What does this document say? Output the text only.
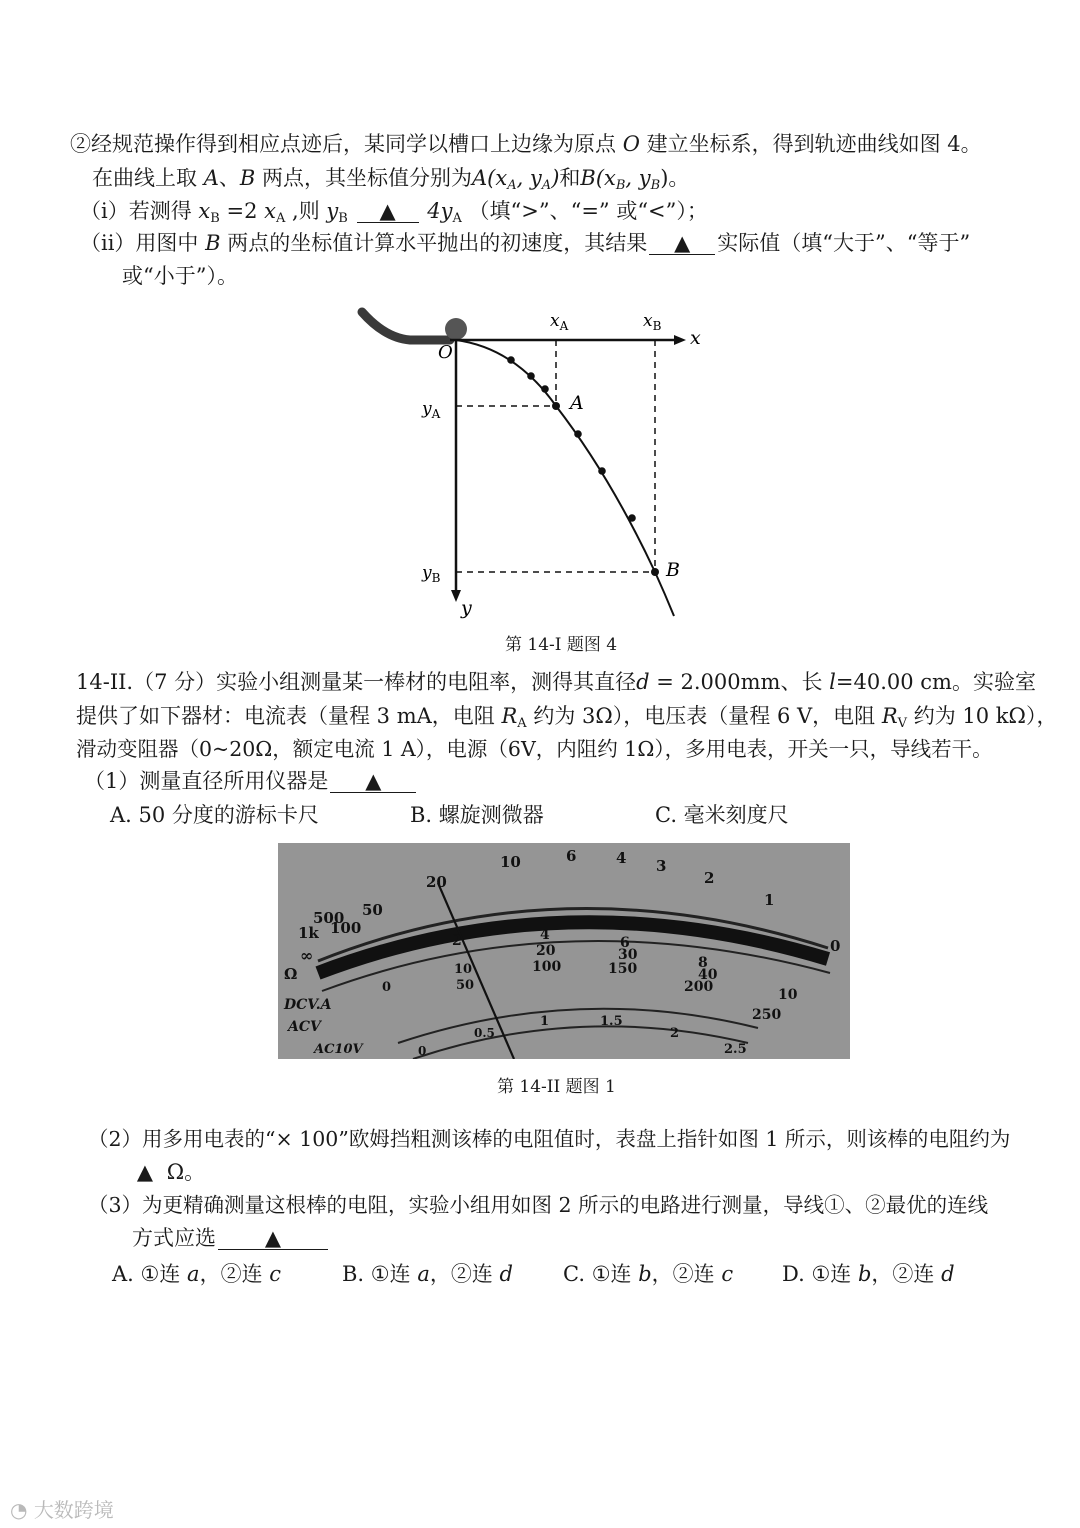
②经规范操作得到相应点迹后，某同学以槽口上边缘为原点 O 建立坐标系，得到轨迹曲线如图 4。
在曲线上取 A、B 两点，其坐标值分别为$A(x_A$, $y_A$)和$B(x_B$, $y_B$)。
（i）若测得 $x_B =2$ $x_A$ ,则 $y_B$ ▲ $4y_A$ （填“>”、“=” 或“<”）；
（ii）用图中 B 两点的坐标值计算水平抛出的初速度，其结果 ▲ 实际值（填“大于”、“等于”
或“小于”）。
$x_A$	$x_B$
x
y
O
$y_A$
$y_B$
A
B
第 14-I 题图 4
14-II.（7 分）实验小组测量某一棒材的电阻率，测得其直径d = 2.000mm、长 l=40.00 cm。实验室
提供了如下器材：电流表（量程 3 mA，电阻 $R_A$ 约为 3Ω），电压表（量程 6 V，电阻 $R_V$ 约为 10 kΩ），
滑动变阻器（0~20Ω，额定电流 1 A），电源（6V，内阻约 1Ω），多用电表，开关一只，导线若干。
（1）测量直径所用仪器是 ▲
A. 50 分度的游标卡尺	B. 螺旋测微器	C. 毫米刻度尺
1k
500
100
50
20
10	6	4 3
2
1
0
0
2	4	6
8
10
50
100	150
200
250
10
20	30
40
0
0.5
1	1.5
2
2.5
Ω
DCV.A
ACV
AC10V
∞
第 14-II 题图 1
（2）用多用电表的“× 100”欧姆挡粗测该棒的电阻值时，表盘上指针如图 1 所示，则该棒的电阻约为
▲ Ω。
（3）为更精确测量这根棒的电阻，实验小组用如图 2 所示的电路进行测量，导线①、②最优的连线
方式应选 ▲
A. ①连 a，②连 c	B. ①连 a，②连 d C. ①连 b，②连 c D. ①连 b，②连 d
◔ 大数跨境
